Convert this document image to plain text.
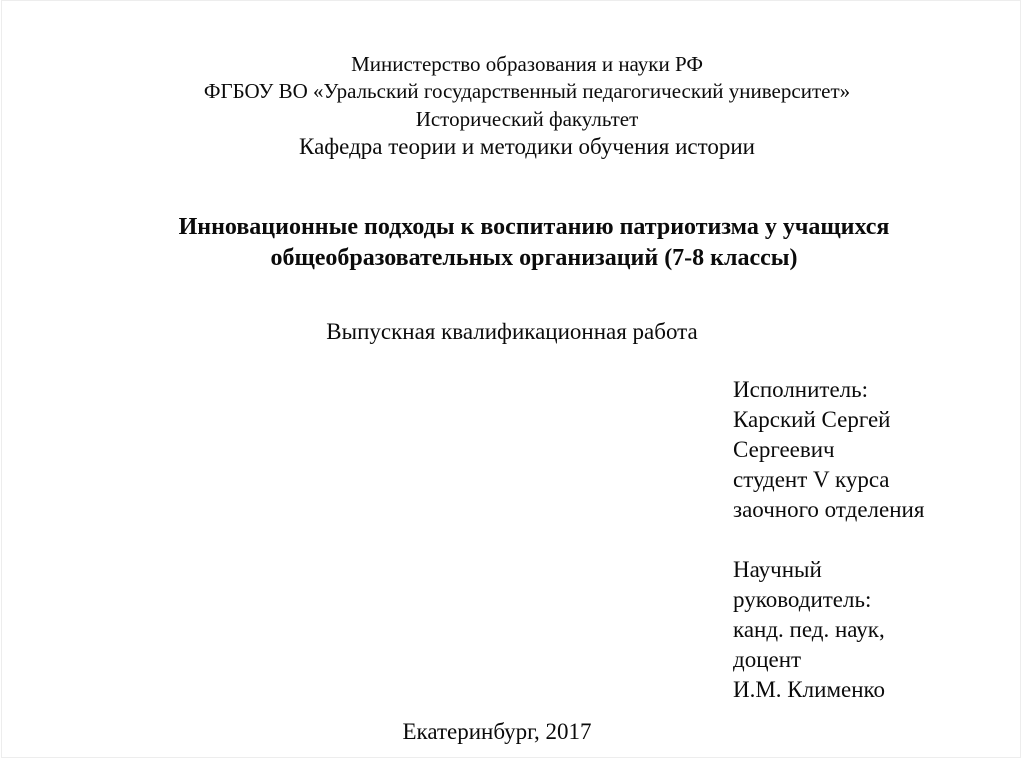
Министерство образования и науки РФ
ФГБОУ ВО «Уральский государственный педагогический университет»
Исторический факультет
Кафедра теории и методики обучения истории
Инновационные подходы к воспитанию патриотизма у учащихся
общеобразовательных организаций (7-8 классы)
Выпускная квалификационная работа
Исполнитель:
Карский Сергей
Сергеевич
студент V курса
заочного отделения
Научный
руководитель:
канд. пед. наук,
доцент
И.М. Клименко
Екатеринбург, 2017
